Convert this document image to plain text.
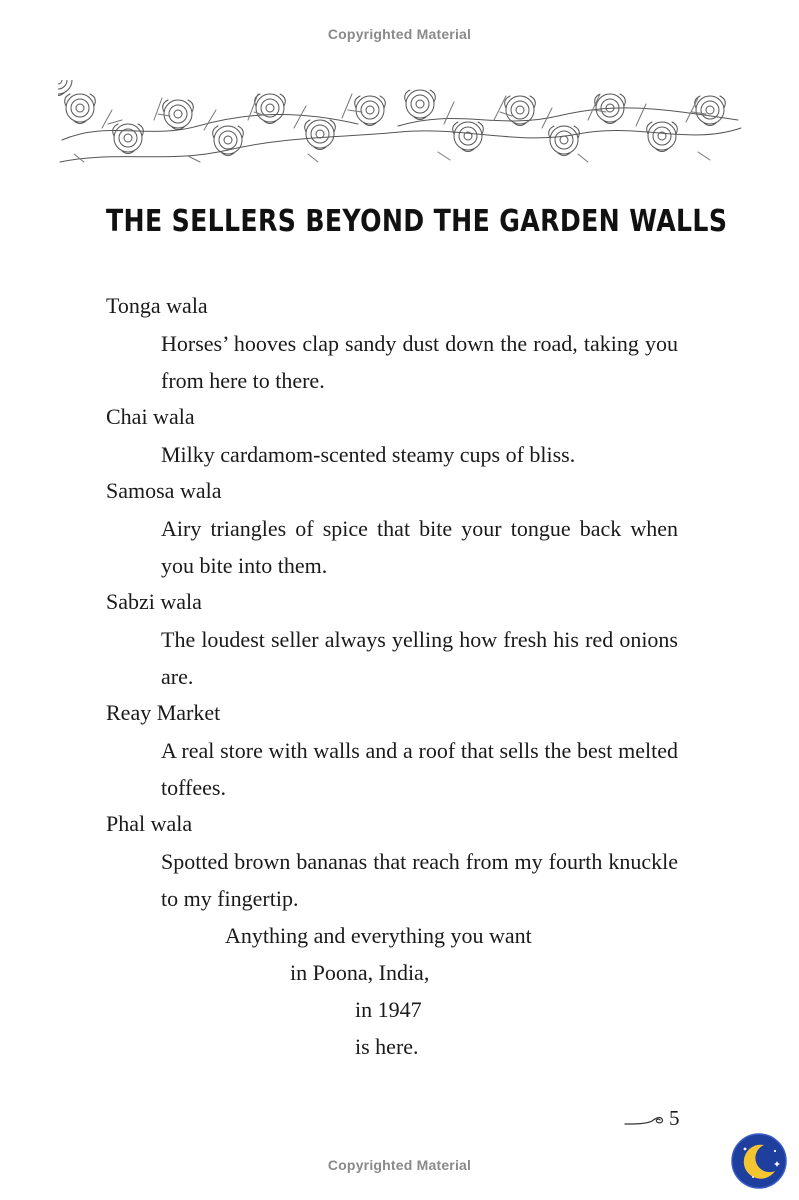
Copyrighted Material
THE SELLERS BEYOND THE GARDEN WALLS
Tonga wala
Horses’ hooves clap sandy dust down the road, taking you from here to there.
Chai wala
Milky cardamom-scented steamy cups of bliss.
Samosa wala
Airy triangles of spice that bite your tongue back when you bite into them.
Sabzi wala
The loudest seller always yelling how fresh his red onions are.
Reay Market
A real store with walls and a roof that sells the best melted toffees.
Phal wala
Spotted brown bananas that reach from my fourth knuckle to my fingertip.
Anything and everything you want
in Poona, India,
in 1947
is here.
5
Copyrighted Material
